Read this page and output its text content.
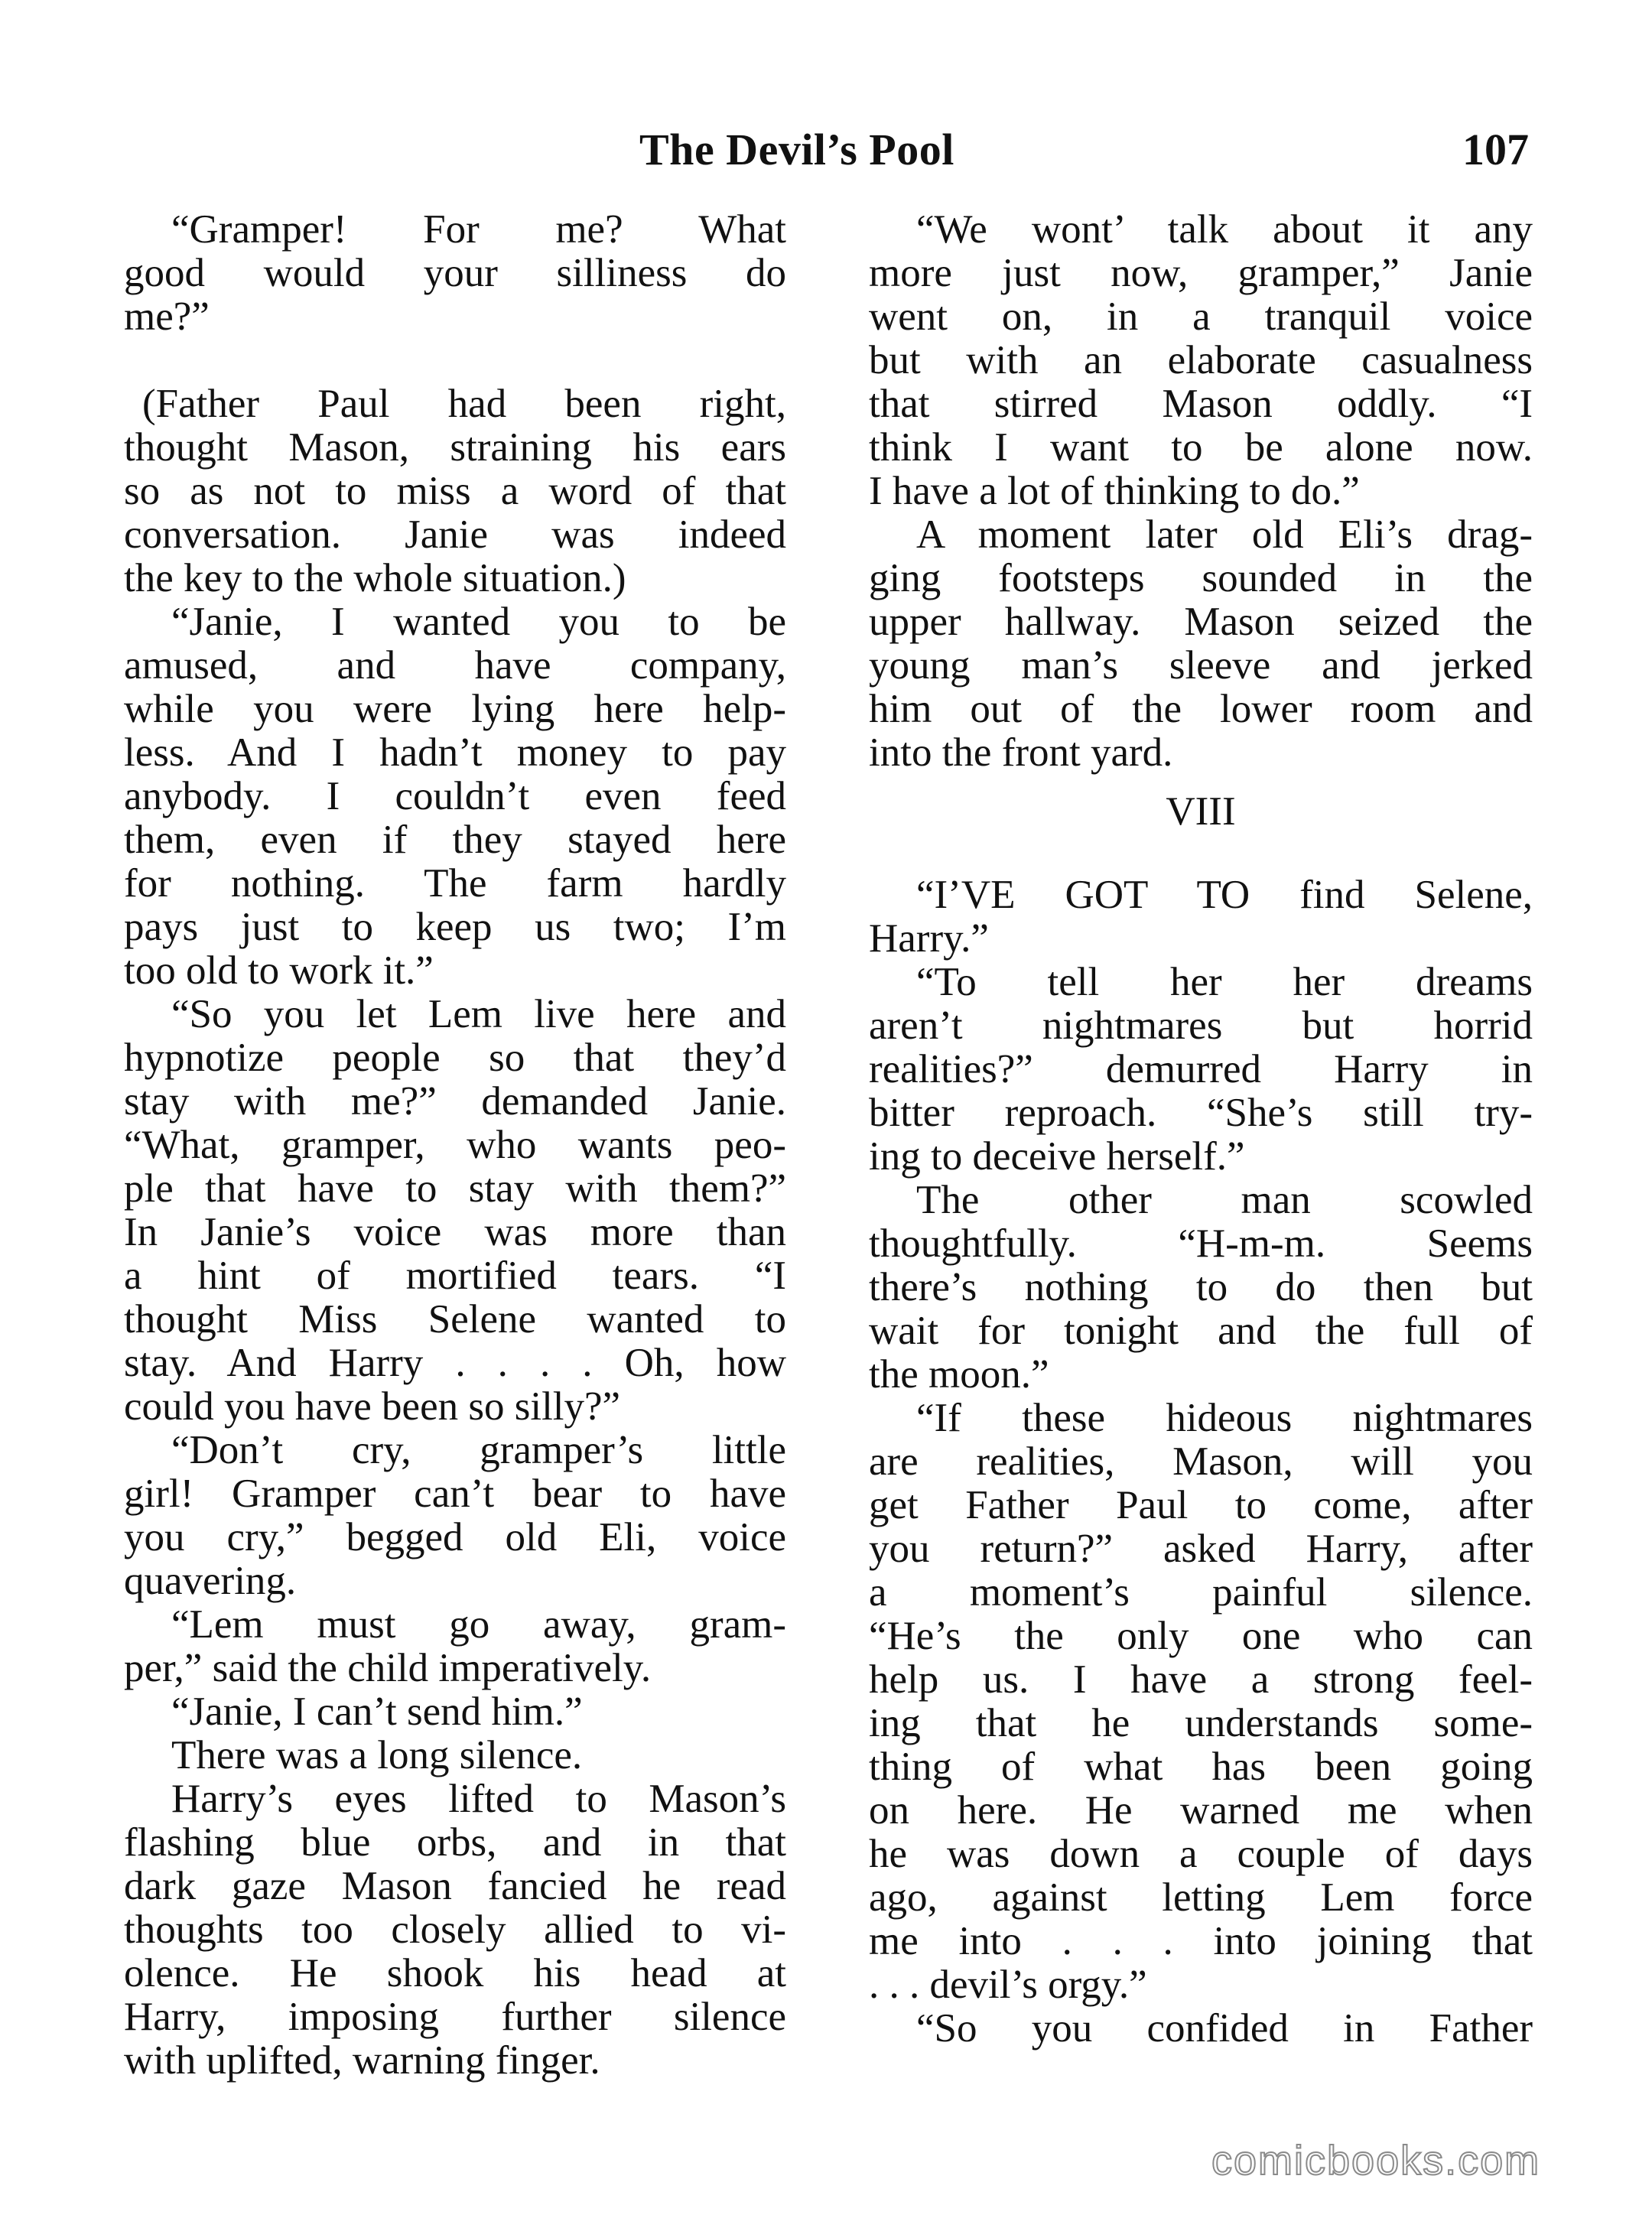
The Devil’s Pool	107
“Gramper! For me? What
good would your silliness do
me?”
(Father Paul had been right,
thought Mason, straining his ears
so as not to miss a word of that
conversation. Janie was indeed
the key to the whole situation.)
“Janie, I wanted you to be
amused, and have company,
while you were lying here help-
less. And I hadn’t money to pay
anybody. I couldn’t even feed
them, even if they stayed here
for nothing. The farm hardly
pays just to keep us two; I’m
too old to work it.”
“So you let Lem live here and
hypnotize people so that they’d
stay with me?” demanded Janie.
“What, gramper, who wants peo-
ple that have to stay with them?”
In Janie’s voice was more than
a hint of mortified tears. “I
thought Miss Selene wanted to
stay. And Harry . . . . Oh, how
could you have been so silly?”
“Don’t cry, gramper’s little
girl! Gramper can’t bear to have
you cry,” begged old Eli, voice
quavering.
“Lem must go away, gram-
per,” said the child imperatively.
“Janie, I can’t send him.”
There was a long silence.
Harry’s eyes lifted to Mason’s
flashing blue orbs, and in that
dark gaze Mason fancied he read
thoughts too closely allied to vi-
olence. He shook his head at
Harry, imposing further silence
with uplifted, warning finger.
“We wont’ talk about it any
more just now, gramper,” Janie
went on, in a tranquil voice
but with an elaborate casualness
that stirred Mason oddly. “I
think I want to be alone now.
I have a lot of thinking to do.”
A moment later old Eli’s drag-
ging footsteps sounded in the
upper hallway. Mason seized the
young man’s sleeve and jerked
him out of the lower room and
into the front yard.
VIII
“I’VE GOT TO find Selene,
Harry.”
“To tell her her dreams
aren’t nightmares but horrid
realities?” demurred Harry in
bitter reproach. “She’s still try-
ing to deceive herself.”
The other man scowled
thoughtfully. “H-m-m. Seems
there’s nothing to do then but
wait for tonight and the full of
the moon.”
“If these hideous nightmares
are realities, Mason, will you
get Father Paul to come, after
you return?” asked Harry, after
a moment’s painful silence.
“He’s the only one who can
help us. I have a strong feel-
ing that he understands some-
thing of what has been going
on here. He warned me when
he was down a couple of days
ago, against letting Lem force
me into . . . into joining that
. . . devil’s orgy.”
“So you confided in Father
comicbooks.com
